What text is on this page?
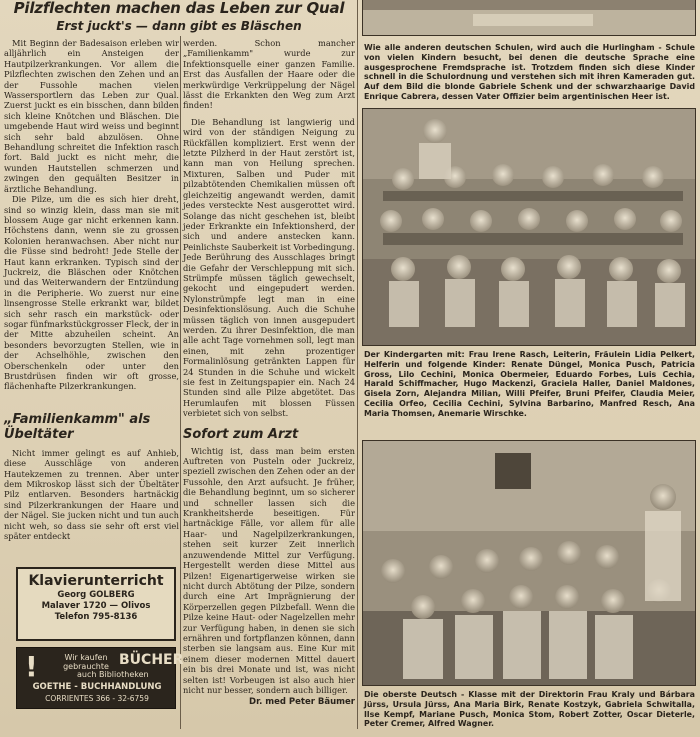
Pilzflechten machen das Leben zur Qual
Erst juckt's — dann gibt es Bläschen

Mit Beginn der Badesaison erleben wir alljährlich ein Ansteigen der Hautpilzerkrankungen. Vor allem die Pilzflechten zwischen den Zehen und an der Fussohle machen vielen Wassersportlern das Leben zur Qual. Zuerst juckt es ein bisschen, dann bilden sich kleine Knötchen und Bläschen. Die umgebende Haut wird weiss und beginnt sich sehr bald abzulösen. Ohne Behandlung schreitet die Infektion rasch fort. Bald juckt es nicht mehr, die wunden Hautstellen schmerzen und zwingen den gequälten Besitzer in ärztliche Behandlung.

Die Pilze, um die es sich hier dreht, sind so winzig klein, dass man sie mit blossem Auge gar nicht erkennen kann. Höchstens dann, wenn sie zu grossen Kolonien heranwachsen. Aber nicht nur die Füsse sind bedroht! Jede Stelle der Haut kann erkranken. Typisch sind der Juckreiz, die Bläschen oder Knötchen und das Weiterwandern der Entzündung in die Peripherie. Wo zuerst nur eine linsengrosse Stelle erkrankt war, bildet sich sehr rasch ein markstück- oder sogar fünfmarkstückgrosser Fleck, der in der Mitte abzuheilen scheint. An besonders bevorzugten Stellen, wie in der Achselhöhle, zwischen den Oberschenkeln oder unter den Brustdrüsen finden wir oft grosse, flächenhafte Pilzerkrankungen.

„Familienkamm" als Übeltäter

Nicht immer gelingt es auf Anhieb, diese Ausschläge von anderen Hautekzemen zu trennen. Aber unter dem Mikroskop lässt sich der Übeltäter Pilz entlarven. Besonders hartnäckig sind Pilzerkrankungen der Haare und der Nägel. Sie jucken nicht und tun auch nicht weh, so dass sie sehr oft erst viel später entdeckt

werden. Schon mancher „Familienkamm" wurde zur Infektionsquelle einer ganzen Familie. Erst das Ausfallen der Haare oder die merkwürdige Verkrüppelung der Nägel lässt die Erkankten den Weg zum Arzt finden!

Die Behandlung ist langwierig und wird von der ständigen Neigung zu Rückfällen kompliziert. Erst wenn der letzte Pilzherd in der Haut zerstört ist, kann man von Heilung sprechen. Mixturen, Salben und Puder mit pilzabtötenden Chemikalien müssen oft gleichzeitig angewandt werden, damit jedes versteckte Nest ausgerottet wird. Solange das nicht geschehen ist, bleibt jeder Erkrankte ein Infektionsherd, der sich und andere anstecken kann. Peinlichste Sauberkeit ist Vorbedingung. Jede Berührung des Ausschlages bringt die Gefahr der Verschleppung mit sich. Strümpfe müssen täglich gewechselt, gekocht und eingepudert werden. Nylonstrümpfe legt man in eine Desinfektionslösung. Auch die Schuhe müssen täglich von innen ausgepudert werden. Zu ihrer Desinfektion, die man alle acht Tage vornehmen soll, legt man einen, mit zehn prozentiger Formalinlösung getränkten Lappen für 24 Stunden in die Schuhe und wickelt sie fest in Zeitungspapier ein. Nach 24 Stunden sind alle Pilze abgetötet. Das Herumlaufen mit blossen Füssen verbietet sich von selbst.

Sofort zum Arzt

Wichtig ist, dass man beim ersten Auftreten von Pusteln oder Juckreiz, speziell zwischen den Zehen oder an der Fussohle, den Arzt aufsucht. Je früher, die Behandlung beginnt, um so sicherer und schneller lassen sich die Krankheitsherde beseitigen. Für hartnäckige Fälle, vor allem für alle Haar- und Nagelpilzerkrankungen, stehen seit kurzer Zeit innerlich anzuwendende Mittel zur Verfügung. Hergestellt werden diese Mittel aus Pilzen! Eigenartigerweise wirken sie nicht durch Abtötung der Pilze, sondern durch eine Art Imprägnierung der Körperzellen gegen Pilzbefall. Wenn die Pilze keine Haut- oder Nagelzellen mehr zur Verfügung haben, in denen sie sich ernähren und fortpflanzen können, dann sterben sie langsam aus. Eine Kur mit einem dieser modernen Mittel dauert ein bis drei Monate und ist, was nicht selten ist! Vorbeugen ist also auch hier nicht nur besser, sondern auch billiger.

Dr. med Peter Bäumer
Klavierunterricht
Georg GOLBERG
Malaver 1720 — Olivos
Telefon 795-8136
!	Wir kaufen gebrauchte BÜCHER
auch Bibliotheken
GOETHE - BUCHHANDLUNG
CORRIENTES 366 - 32-6759
Wie alle anderen deutschen Schulen, wird auch die Hurlingham - Schule von vielen Kindern besucht, bei denen die deutsche Sprache eine ausgesprochene Fremdsprache ist. Trotzdem finden sich diese Kinder schnell in die Schulordnung und verstehen sich mit ihren Kameraden gut. Auf dem Bild die blonde Gabriele Schenk und der schwarzhaarige David Enrique Cabrera, dessen Vater Offizier beim argentinischen Heer ist.
Der Kindergarten mit: Frau Irene Rasch, Leiterin, Fräulein Lidia Pelkert, Helferin und folgende Kinder: Renate Düngel, Monica Pusch, Patricia Gross, Lilo Cechini, Monica Obermeier, Eduardo Forbes, Luis Cechia, Harald Schiffmacher, Hugo Mackenzi, Graciela Haller, Daniel Maldones, Gisela Zorn, Alejandra Milian, Willi Pfeifer, Bruni Pfeifer, Claudia Meier, Cecilia Orfeo, Cecilia Cechini, Sylvina Barbarino, Manfred Resch, Ana Maria Thomsen, Anemarie Wirschke.
Die oberste Deutsch - Klasse mit der Direktorin Frau Kraly und Bárbara Jürss, Ursula Jürss, Ana Maria Birk, Renate Kostzyk, Gabriela Schwitalla, Ilse Kempf, Mariane Pusch, Monica Stom, Robert Zotter, Oscar Dieterle, Peter Cremer, Alfred Wagner.
